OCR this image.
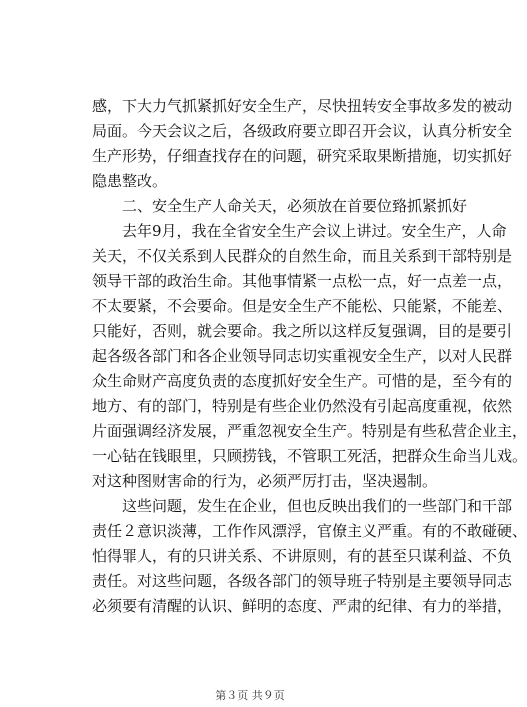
感，下大力气抓紧抓好安全生产，尽快扭转安全事故多发的被动
局面。今天会议之后，各级政府要立即召开会议，认真分析安全
生产形势，仔细查找存在的问题，研究采取果断措施，切实抓好
隐患整改。
二、安全生产人命关天，必须放在首要位臵抓紧抓好
去年9月，我在全省安全生产会议上讲过。安全生产，人命
关天，不仅关系到人民群众的自然生命，而且关系到干部特别是
领导干部的政治生命。其他事情紧一点松一点，好一点差一点，
不太要紧，不会要命。但是安全生产不能松、只能紧，不能差、
只能好，否则，就会要命。我之所以这样反复强调，目的是要引
起各级各部门和各企业领导同志切实重视安全生产，以对人民群
众生命财产高度负责的态度抓好安全生产。可惜的是，至今有的
地方、有的部门，特别是有些企业仍然没有引起高度重视，依然
片面强调经济发展，严重忽视安全生产。特别是有些私营企业主，
一心钻在钱眼里，只顾捞钱，不管职工死活，把群众生命当儿戏。
对这种图财害命的行为，必须严厉打击，坚决遏制。
这些问题，发生在企业，但也反映出我们的一些部门和干部
责任２意识淡薄，工作作风漂浮，官僚主义严重。有的不敢碰硬、
怕得罪人，有的只讲关系、不讲原则，有的甚至只谋利益、不负
责任。对这些问题，各级各部门的领导班子特别是主要领导同志
必须要有清醒的认识、鲜明的态度、严肃的纪律、有力的举措，
第３页 共９页
